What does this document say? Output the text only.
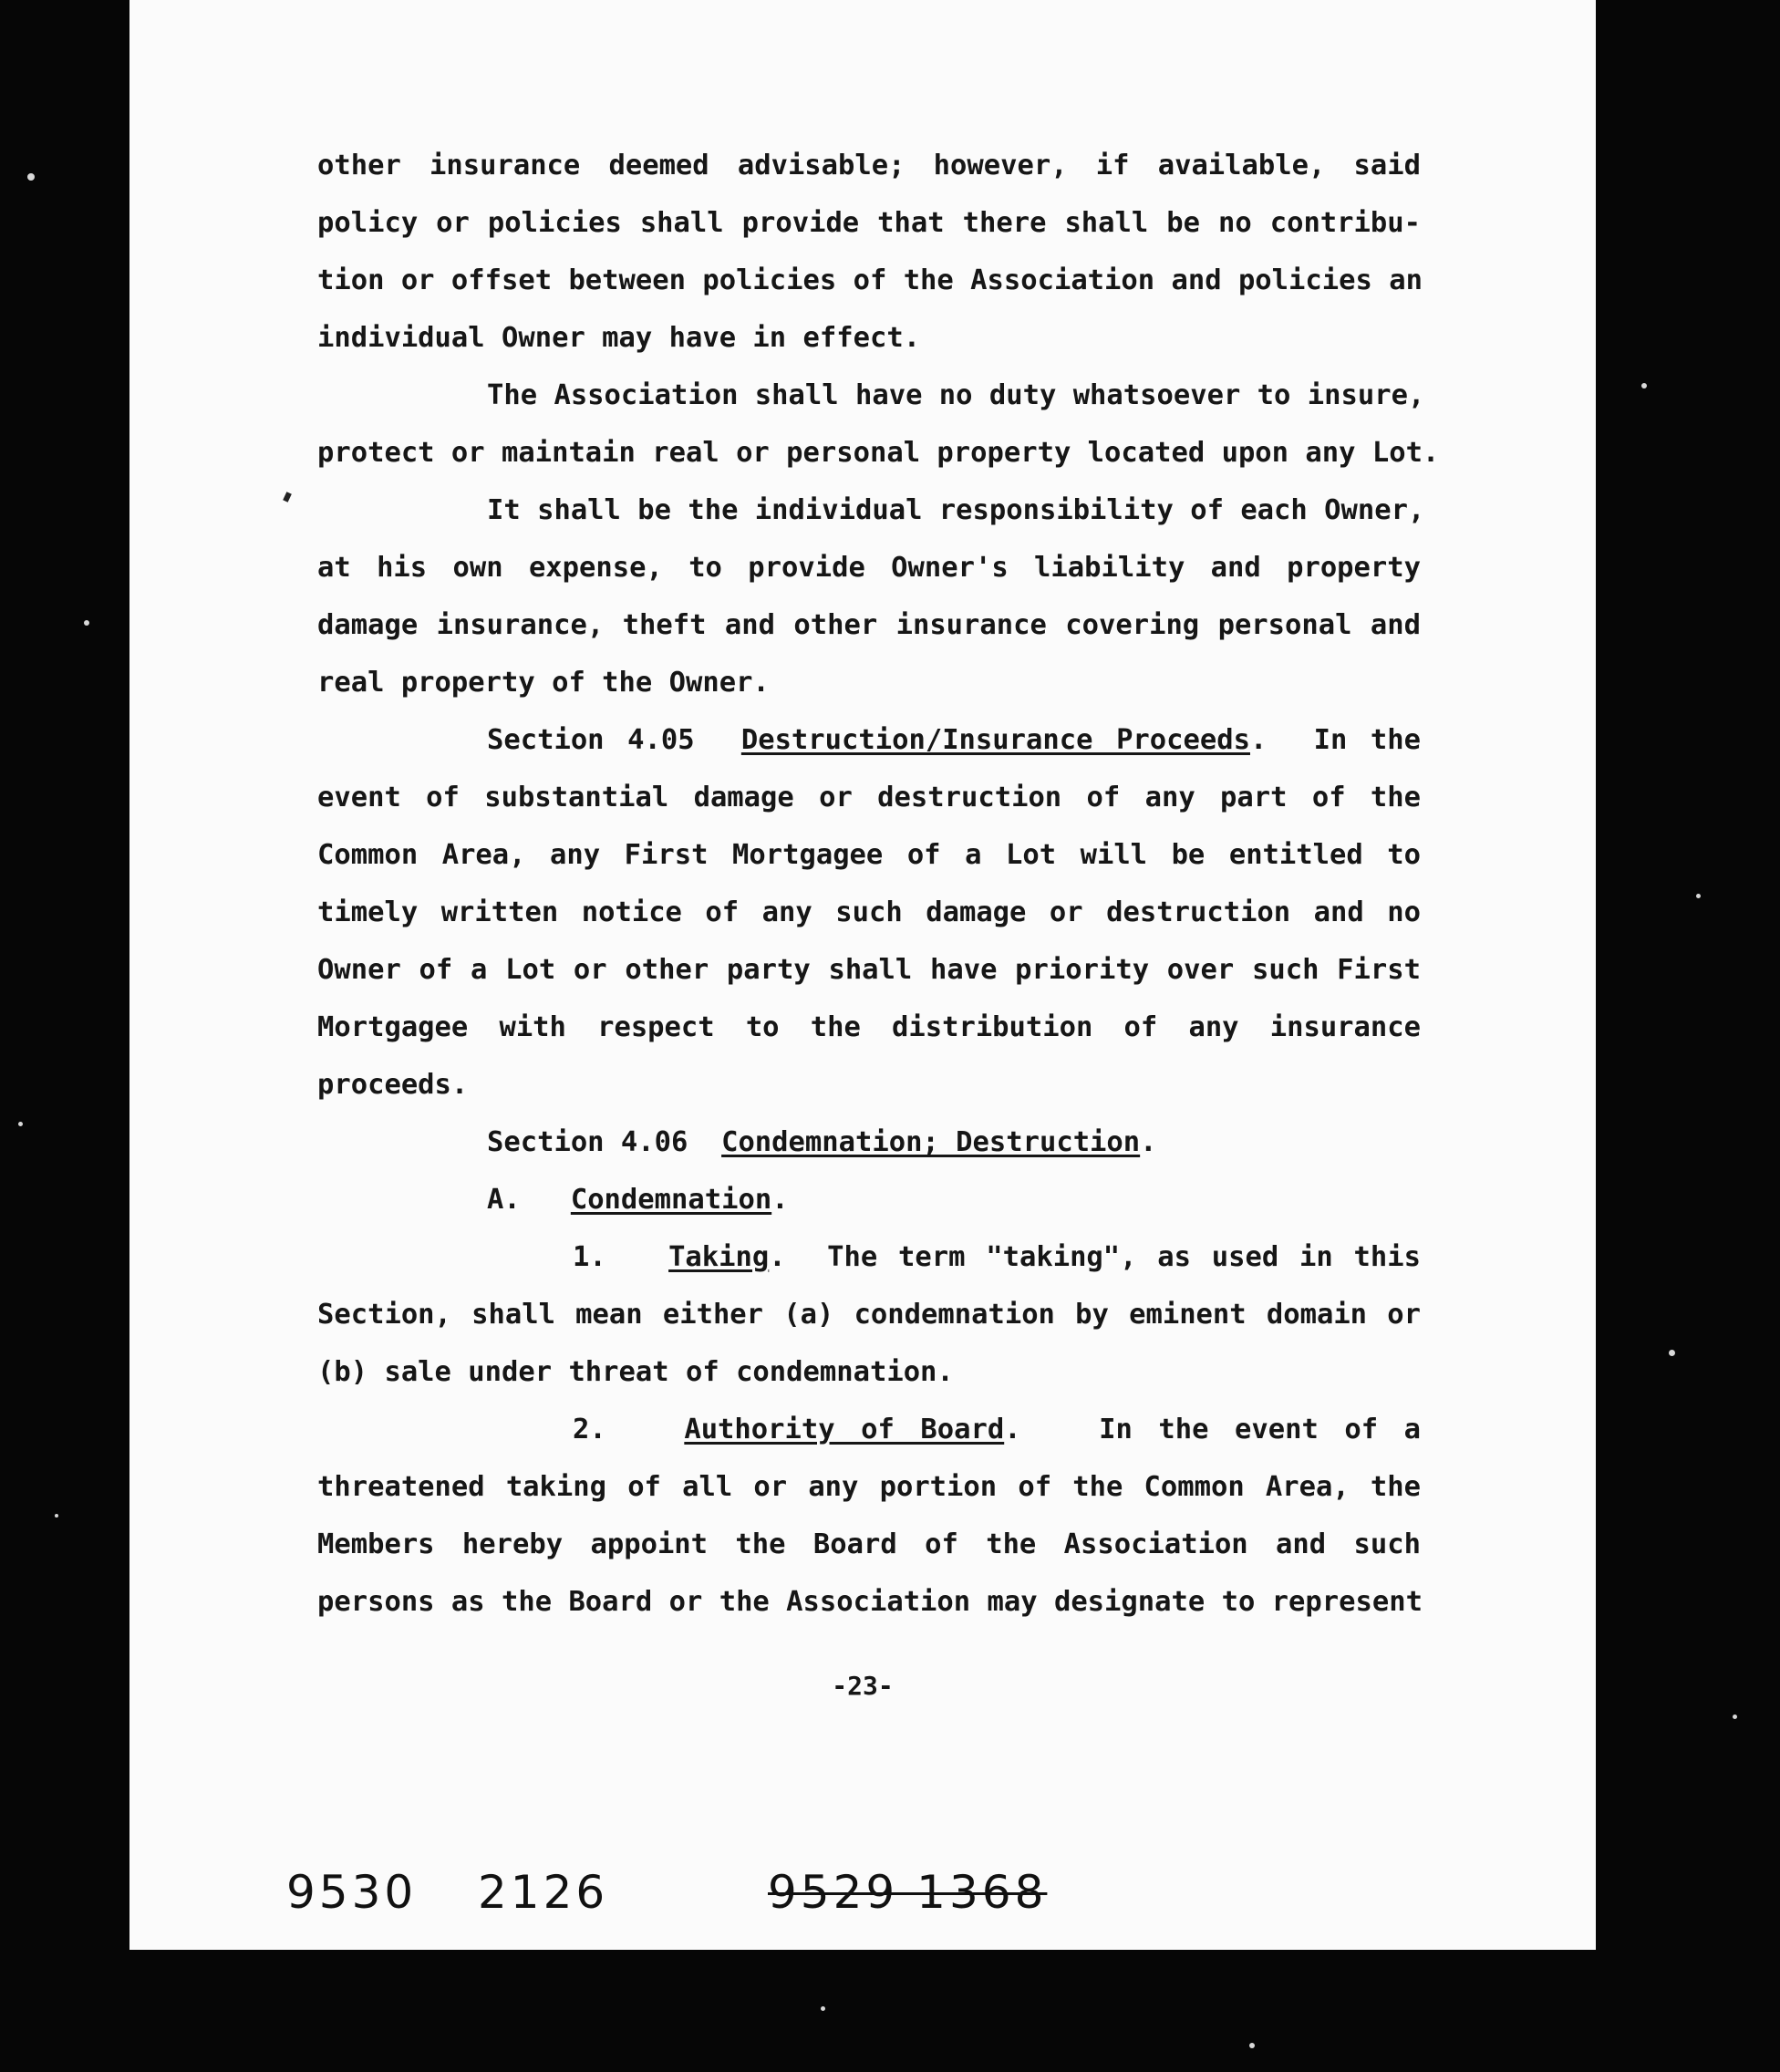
other insurance deemed advisable; however, if available, said
policy or policies shall provide that there shall be no contribu-
tion or offset between policies of the Association and policies an
individual Owner may have in effect.
The Association shall have no duty whatsoever to insure,
protect or maintain real or personal property located upon any Lot.
It shall be the individual responsibility of each Owner,
at his own expense, to provide Owner's liability and property
damage insurance, theft and other insurance covering personal and
real property of the Owner.
Section 4.05  Destruction/Insurance Proceeds.  In the
event of substantial damage or destruction of any part of the
Common Area, any First Mortgagee of a Lot will be entitled to
timely written notice of any such damage or destruction and no
Owner of a Lot or other party shall have priority over such First
Mortgagee with respect to the distribution of any insurance
proceeds.
Section 4.06  Condemnation; Destruction.
A.   Condemnation.
1.   Taking.  The term "taking", as used in this
Section, shall mean either (a) condemnation by eminent domain or
(b) sale under threat of condemnation.
2.   Authority of Board.   In the event of a
threatened taking of all or any portion of the Common Area, the
Members hereby appoint the Board of the Association and such
persons as the Board or the Association may designate to represent
-23-
9530 2126	9529 1368
